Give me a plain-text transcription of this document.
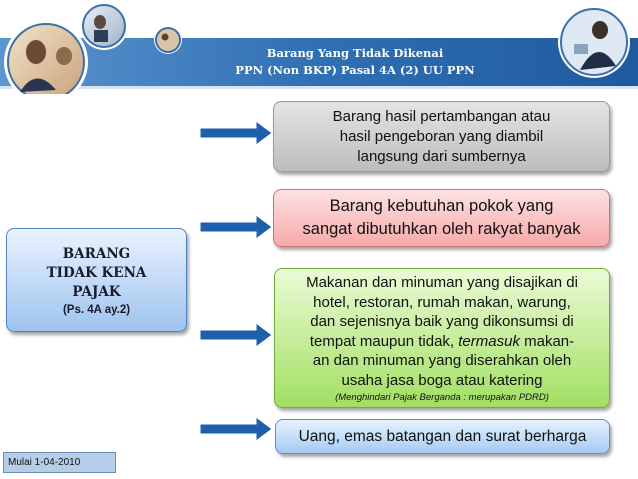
Barang Yang Tidak Dikenai
PPN (Non BKP) Pasal 4A (2) UU PPN
BARANG
TIDAK KENA
PAJAK
(Ps. 4A ay.2)
Barang hasil pertambangan atau
hasil pengeboran yang diambil
langsung dari sumbernya
Barang kebutuhan pokok yang
sangat dibutuhkan oleh rakyat banyak
Makanan dan minuman yang disajikan di
hotel, restoran, rumah makan, warung,
dan sejenisnya baik yang dikonsumsi di
tempat maupun tidak, termasuk makan-
an dan minuman yang diserahkan oleh
usaha jasa boga atau katering
(Menghindari Pajak Berganda : merupakan PDRD)
Uang, emas batangan dan surat berharga
Mulai 1-04-2010
